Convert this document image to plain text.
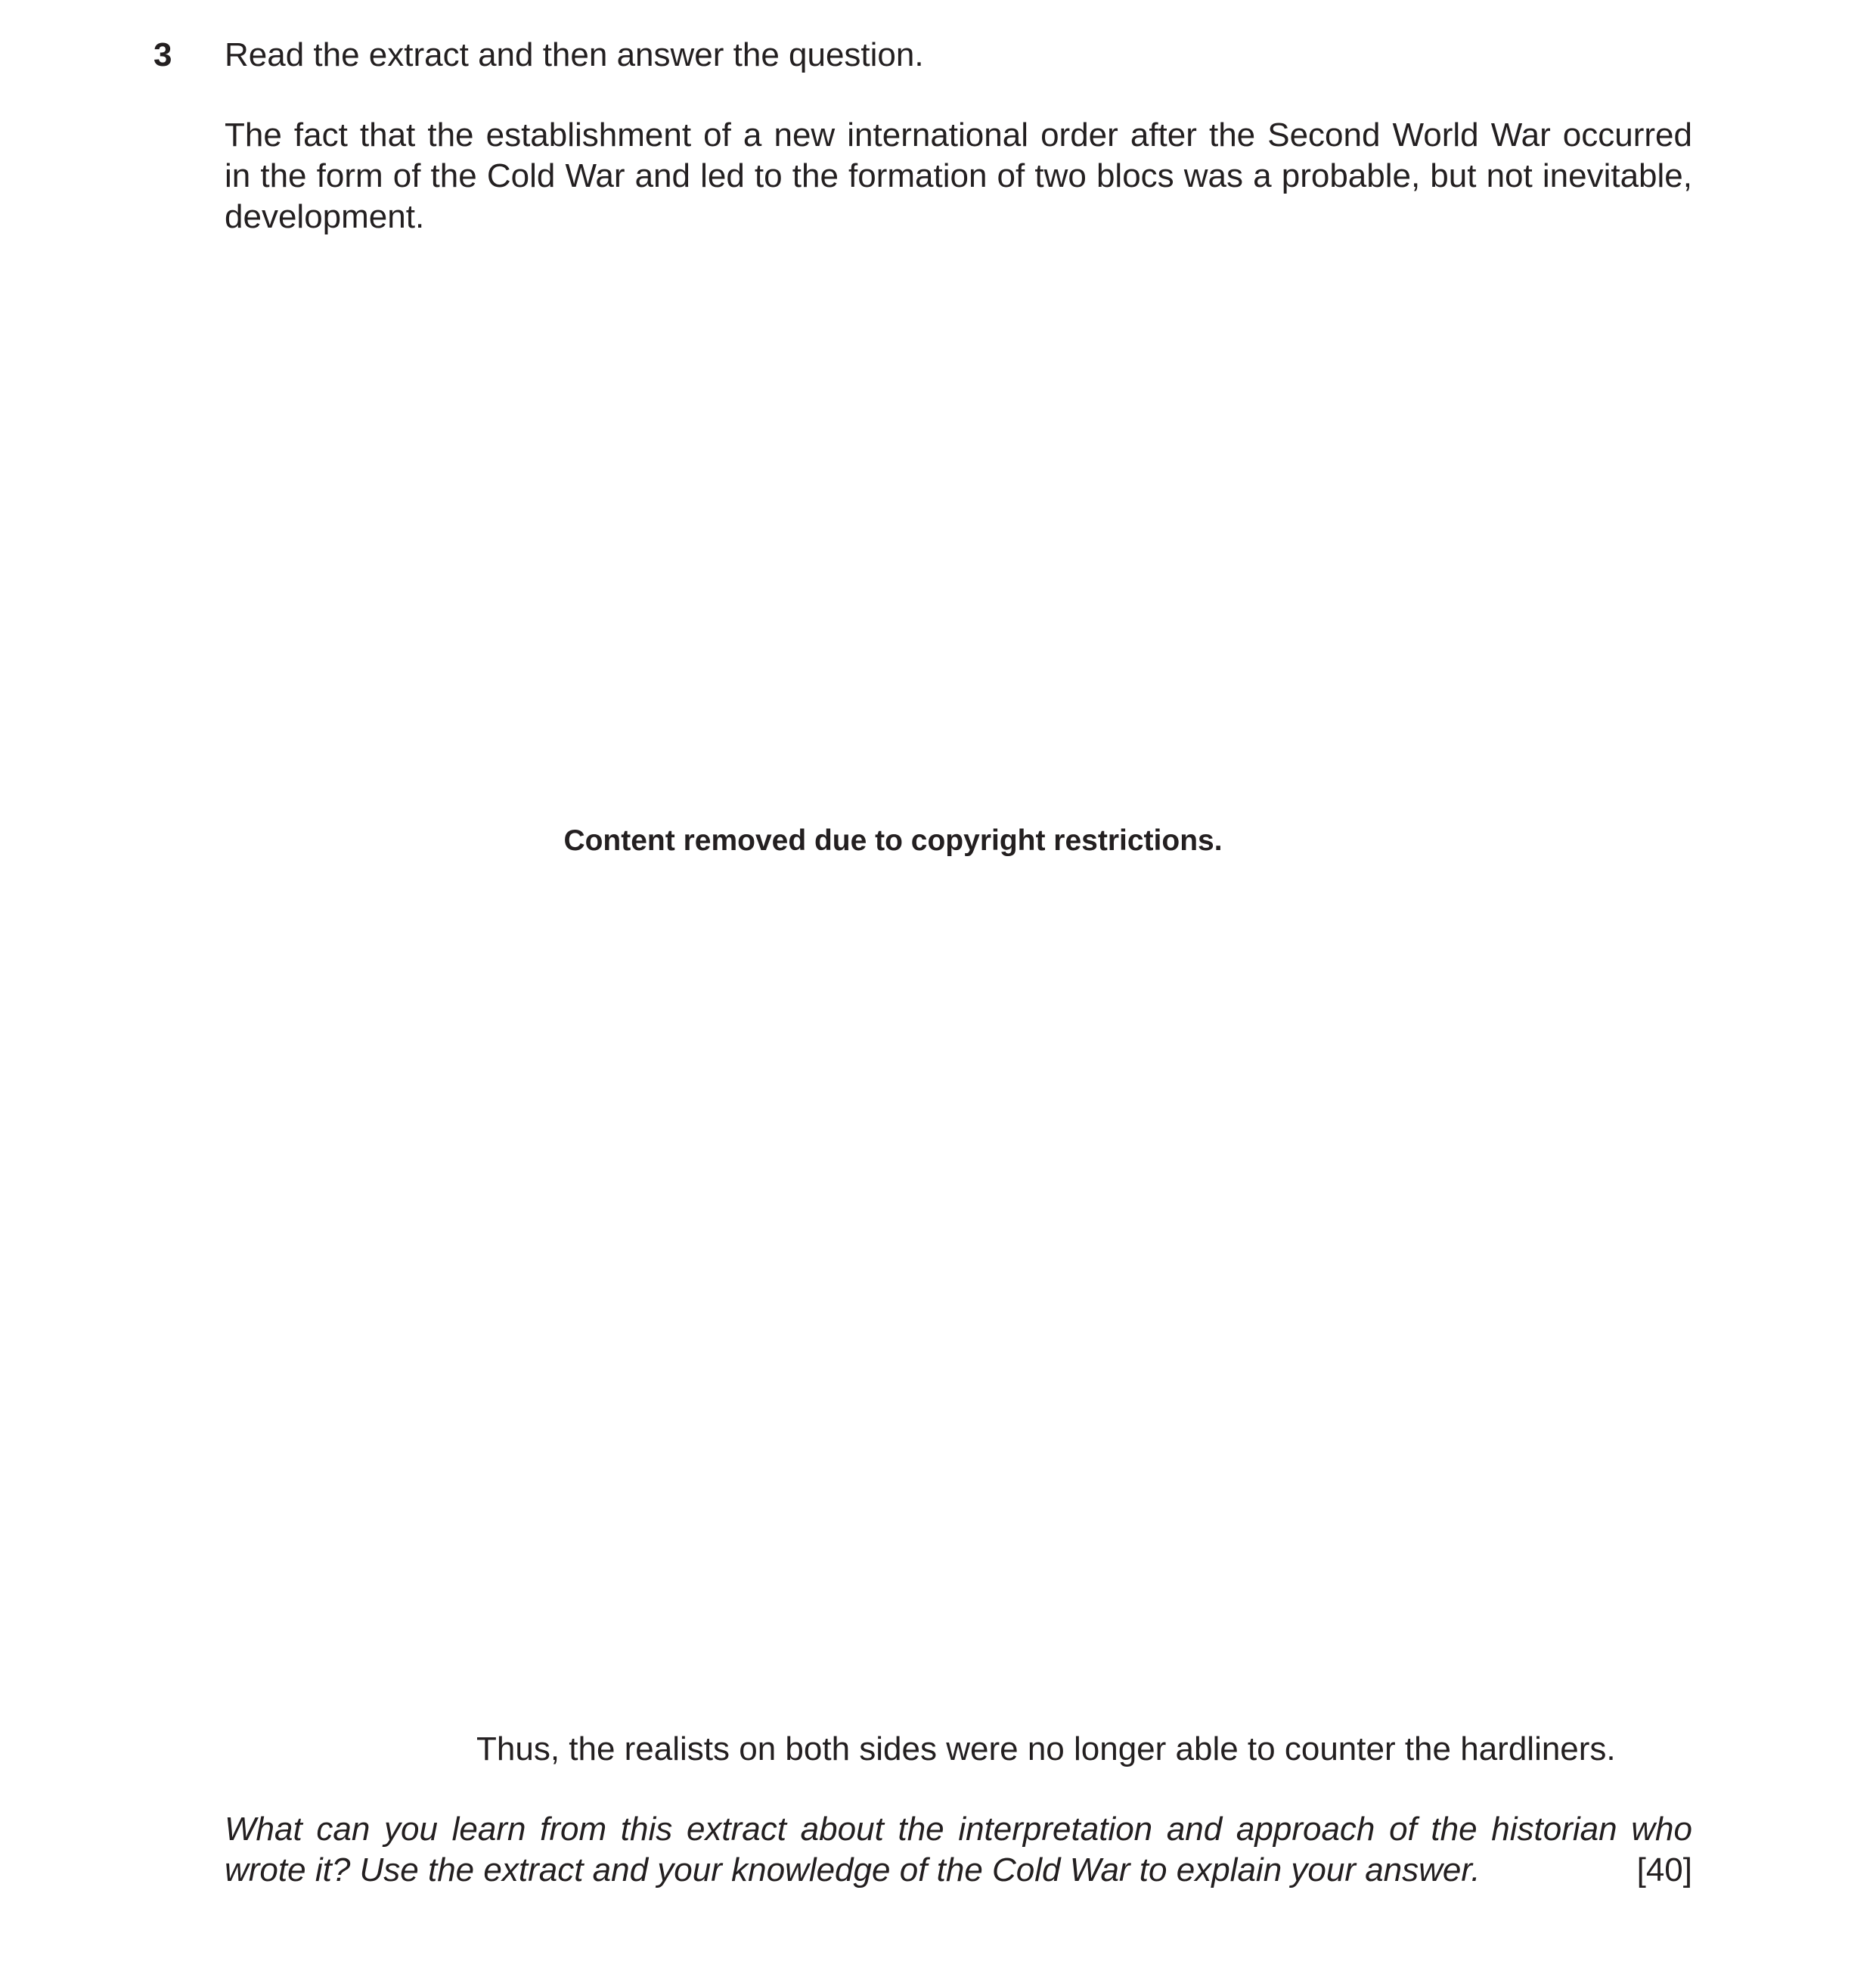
3 Read the extract and then answer the question.
The fact that the establishment of a new international order after the Second World War occurred
in the form of the Cold War and led to the formation of two blocs was a probable, but not inevitable,
development.
Content removed due to copyright restrictions.
Thus, the realists on both sides were no longer able to counter the hardliners.
What can you learn from this extract about the interpretation and approach of the historian who
wrote it? Use the extract and your knowledge of the Cold War to explain your answer.	[40]
